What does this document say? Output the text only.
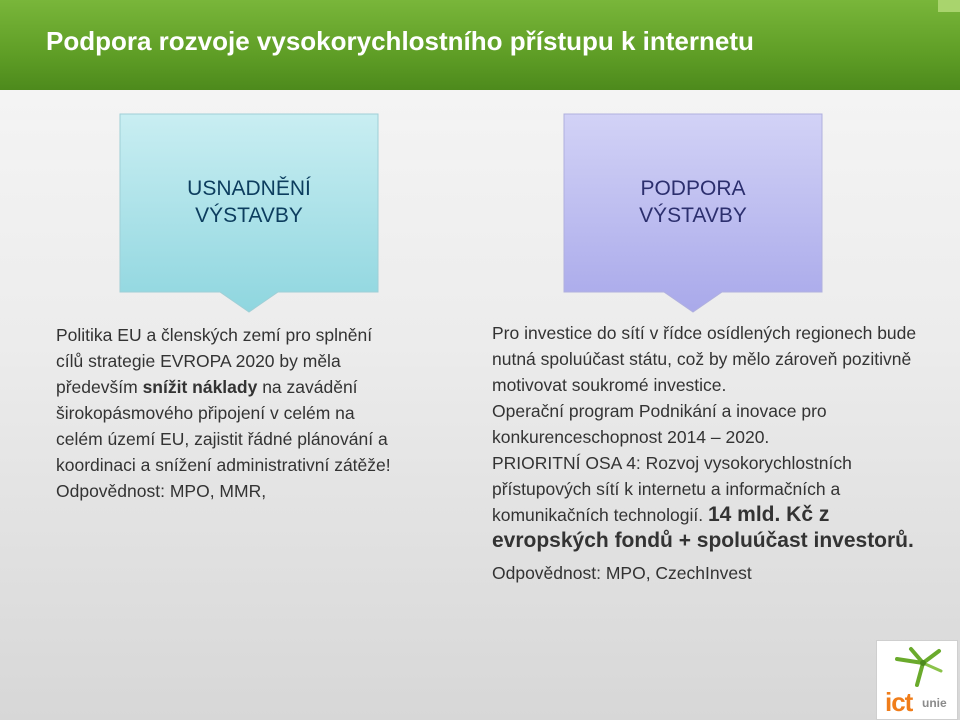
Podpora rozvoje vysokorychlostního přístupu k internetu
USNADNĚNÍ
VÝSTAVBY
PODPORA
VÝSTAVBY

Politika EU a členských zemí pro splnění

cílů strategie EVROPA 2020 by měla

především snížit náklady na zavádění

širokopásmového připojení v celém na

celém území EU, zajistit řádné plánování a

koordinaci a snížení administrativní zátěže!

Odpovědnost: MPO, MMR,

Pro investice do sítí v řídce osídlených regionech bude nutná spoluúčast státu, což by mělo zároveň pozitivně motivovat soukromé investice.

Operační program Podnikání a inovace pro konkurenceschopnost 2014 – 2020.

PRIORITNÍ OSA 4: Rozvoj vysokorychlostních přístupových sítí k internetu a informačních a komunikačních technologií. 14 mld. Kč z evropských fondů + spoluúčast investorů.

Odpovědnost: MPO, CzechInvest

ict unie
